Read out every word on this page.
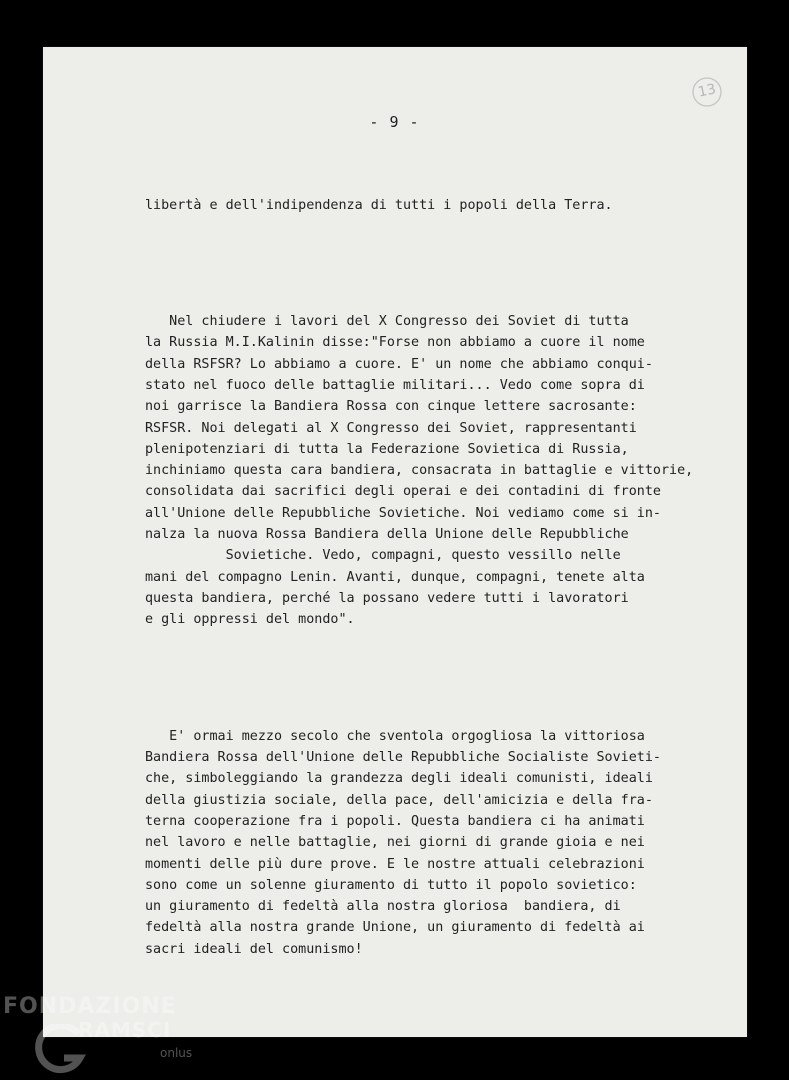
- 9 -
13

libertà e dell'indipendenza di tutti i popoli della Terra.

Nel chiudere i lavori del X Congresso dei Soviet di tutta
la Russia M.I.Kalinin disse:"Forse non abbiamo a cuore il nome
della RSFSR? Lo abbiamo a cuore. E' un nome che abbiamo conqui-
stato nel fuoco delle battaglie militari... Vedo come sopra di
noi garrisce la Bandiera Rossa con cinque lettere sacrosante:
RSFSR. Noi delegati al X Congresso dei Soviet, rappresentanti
plenipotenziari di tutta la Federazione Sovietica di Russia,
inchiniamo questa cara bandiera, consacrata in battaglie e vittorie,
consolidata dai sacrifici degli operai e dei contadini di fronte
all'Unione delle Repubbliche Sovietiche. Noi vediamo come si in-
nalza la nuova Rossa Bandiera della Unione delle Repubbliche
Sovietiche. Vedo, compagni, questo vessillo nelle
mani del compagno Lenin. Avanti, dunque, compagni, tenete alta
questa bandiera, perché la possano vedere tutti i lavoratori
e gli oppressi del mondo".

E' ormai mezzo secolo che sventola orgogliosa la vittoriosa
Bandiera Rossa dell'Unione delle Repubbliche Socialiste Sovieti-
che, simboleggiando la grandezza degli ideali comunisti, ideali
della giustizia sociale, della pace, dell'amicizia e della fra-
terna cooperazione fra i popoli. Questa bandiera ci ha animati
nel lavoro e nelle battaglie, nei giorni di grande gioia e nei
momenti delle più dure prove. E le nostre attuali celebrazioni
sono come un solenne giuramento di tutto il popolo sovietico:
un giuramento di fedeltà alla nostra gloriosa  bandiera, di
fedeltà alla nostra grande Unione, un giuramento di fedeltà ai
sacri ideali del comunismo!

FONDAZIONE
RAMSCI
onlus
